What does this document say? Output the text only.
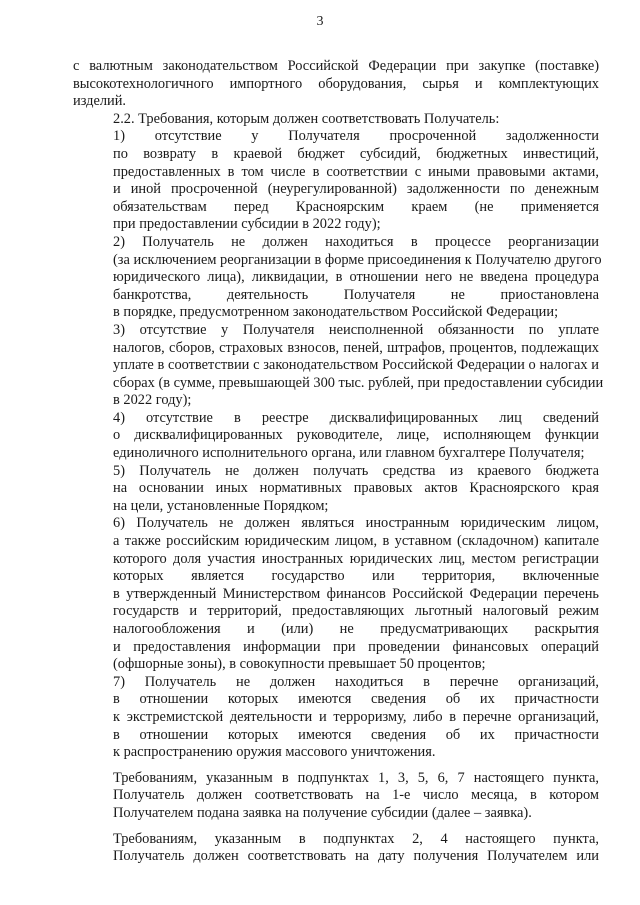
3

с валютным законодательством Российской Федерации при закупке (поставке)
высокотехнологичного импортного оборудования, сырья и комплектующих
изделий.

2.2. Требования, которым должен соответствовать Получатель:

1) отсутствие у Получателя просроченной задолженности
по возврату в краевой бюджет субсидий, бюджетных инвестиций,
предоставленных в том числе в соответствии с иными правовыми актами,
и иной просроченной (неурегулированной) задолженности по денежным
обязательствам перед Красноярским краем (не применяется
при предоставлении субсидии в 2022 году);

2) Получатель не должен находиться в процессе реорганизации
(за исключением реорганизации в форме присоединения к Получателю другого
юридического лица), ликвидации, в отношении него не введена процедура
банкротства, деятельность Получателя не приостановлена
в порядке, предусмотренном законодательством Российской Федерации;

3) отсутствие у Получателя неисполненной обязанности по уплате
налогов, сборов, страховых взносов, пеней, штрафов, процентов, подлежащих
уплате в соответствии с законодательством Российской Федерации о налогах и
сборах (в сумме, превышающей 300 тыс. рублей, при предоставлении субсидии
в 2022 году);

4) отсутствие в реестре дисквалифицированных лиц сведений
о дисквалифицированных руководителе, лице, исполняющем функции
единоличного исполнительного органа, или главном бухгалтере Получателя;

5) Получатель не должен получать средства из краевого бюджета
на основании иных нормативных правовых актов Красноярского края
на цели, установленные Порядком;

6) Получатель не должен являться иностранным юридическим лицом,
а также российским юридическим лицом, в уставном (складочном) капитале
которого доля участия иностранных юридических лиц, местом регистрации
которых является государство или территория, включенные
в утвержденный Министерством финансов Российской Федерации перечень
государств и территорий, предоставляющих льготный налоговый режим
налогообложения и (или) не предусматривающих раскрытия
и предоставления информации при проведении финансовых операций
(офшорные зоны), в совокупности превышает 50 процентов;

7) Получатель не должен находиться в перечне организаций,
в отношении которых имеются сведения об их причастности
к экстремистской деятельности и терроризму, либо в перечне организаций,
в отношении которых имеются сведения об их причастности
к распространению оружия массового уничтожения.

Требованиям, указанным в подпунктах 1, 3, 5, 6, 7 настоящего пункта,
Получатель должен соответствовать на 1-е число месяца, в котором
Получателем подана заявка на получение субсидии (далее – заявка).

Требованиям, указанным в подпунктах 2, 4 настоящего пункта,
Получатель должен соответствовать на дату получения Получателем или
